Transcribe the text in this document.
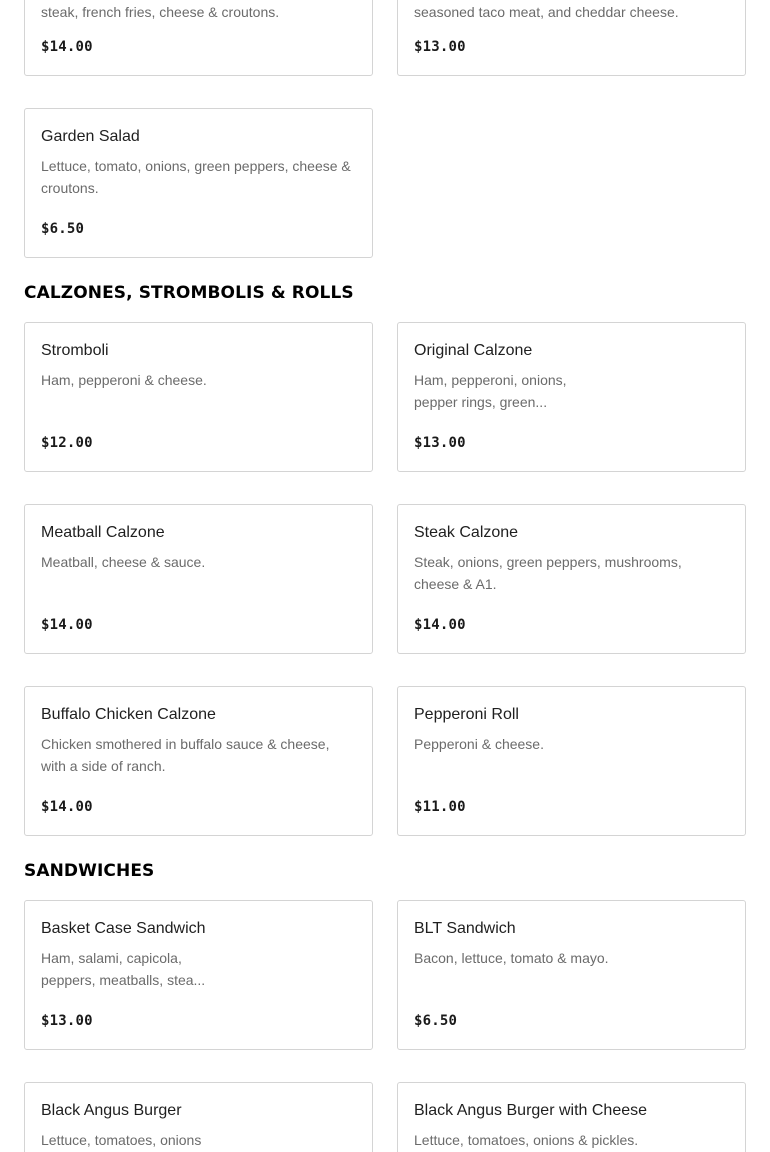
steak, french fries, cheese & croutons.
$14.00
seasoned taco meat, and cheddar cheese.
$13.00
Garden Salad
Lettuce, tomato, onions, green peppers, cheese & croutons.
$6.50
CALZONES, STROMBOLIS & ROLLS
Stromboli
Ham, pepperoni & cheese.
$12.00
Original Calzone
Ham, pepperoni, onions, pepper rings, green...
$13.00
Meatball Calzone
Meatball, cheese & sauce.
$14.00
Steak Calzone
Steak, onions, green peppers, mushrooms, cheese & A1.
$14.00
Buffalo Chicken Calzone
Chicken smothered in buffalo sauce & cheese, with a side of ranch.
$14.00
Pepperoni Roll
Pepperoni & cheese.
$11.00
SANDWICHES
Basket Case Sandwich
Ham, salami, capicola, peppers, meatballs, stea...
$13.00
BLT Sandwich
Bacon, lettuce, tomato & mayo.
$6.50
Black Angus Burger
Lettuce, tomatoes, onions
Black Angus Burger with Cheese
Lettuce, tomatoes, onions & pickles.
